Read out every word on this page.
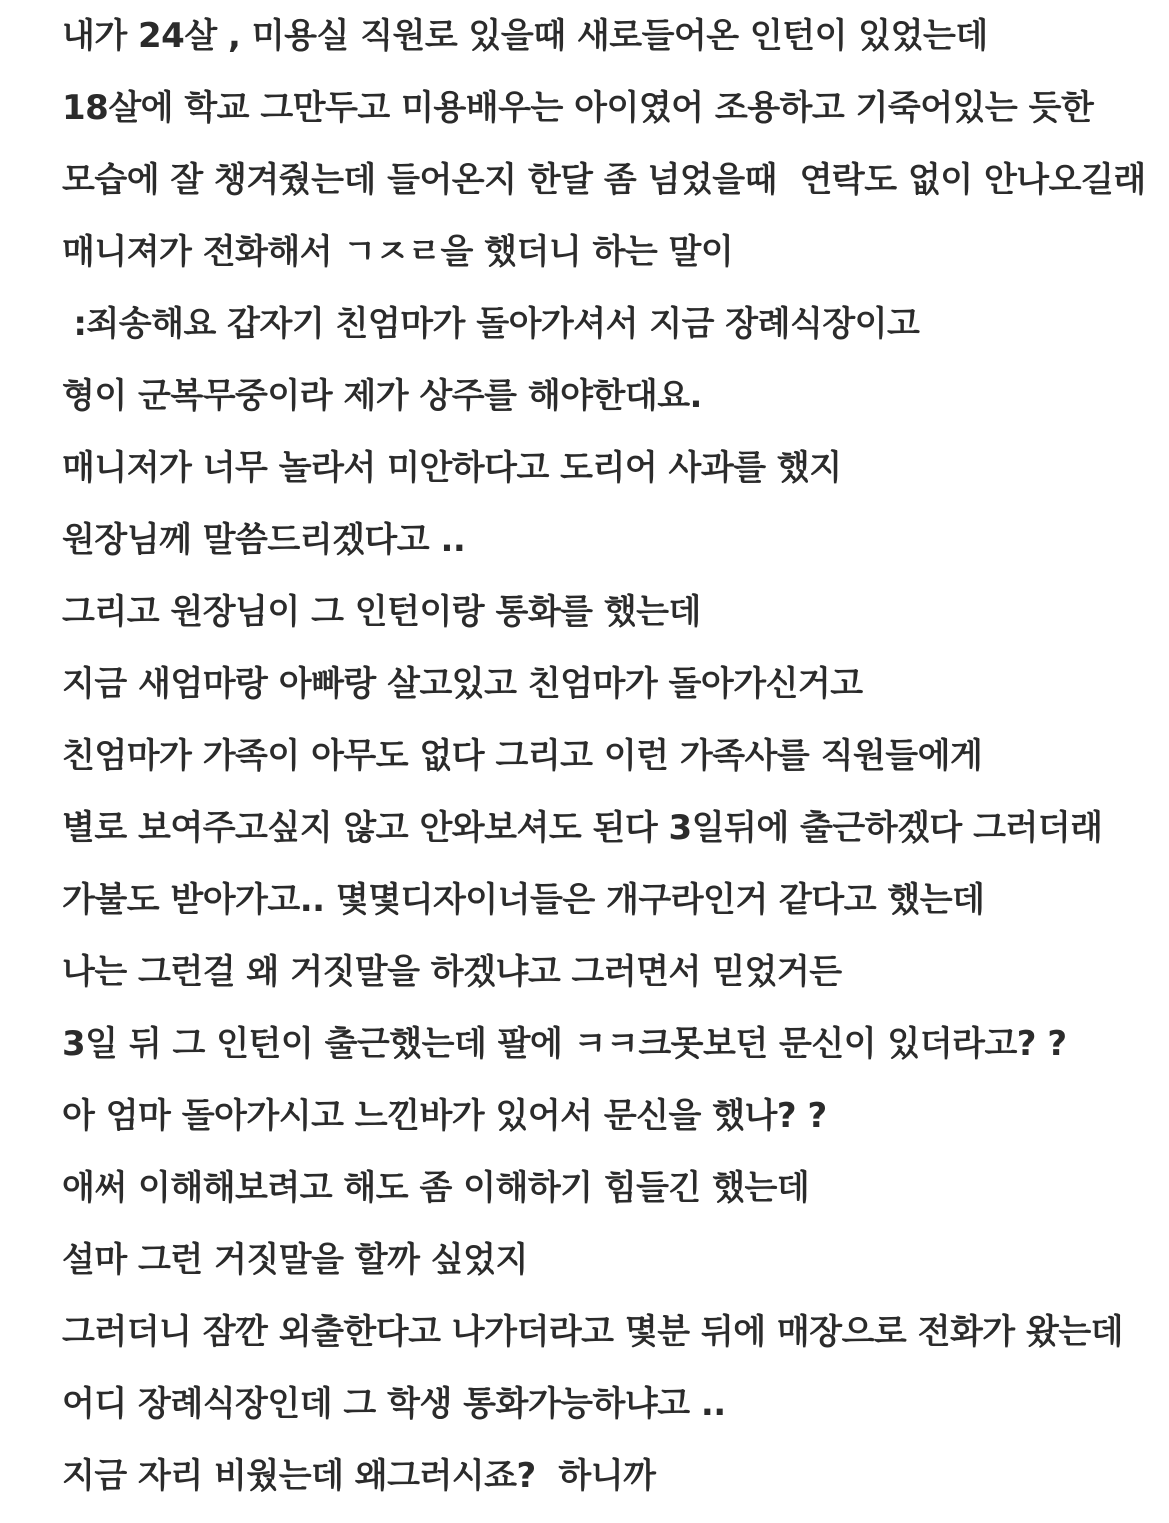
내가 24살 , 미용실 직원로 있을때 새로들어온 인턴이 있었는데
18살에 학교 그만두고 미용배우는 아이였어 조용하고 기죽어있는 듯한
모습에 잘 챙겨줬는데 들어온지 한달 좀 넘었을때  연락도 없이 안나오길래
매니져가 전화해서 ㄱㅈㄹ을 했더니 하는 말이
:죄송해요 갑자기 친엄마가 돌아가셔서 지금 장례식장이고
형이 군복무중이라 제가 상주를 해야한대요.
매니저가 너무 놀라서 미안하다고 도리어 사과를 했지
원장님께 말씀드리겠다고 ..
그리고 원장님이 그 인턴이랑 통화를 했는데
지금 새엄마랑 아빠랑 살고있고 친엄마가 돌아가신거고
친엄마가 가족이 아무도 없다 그리고 이런 가족사를 직원들에게
별로 보여주고싶지 않고 안와보셔도 된다 3일뒤에 출근하겠다 그러더래
가불도 받아가고.. 몇몇디자이너들은 개구라인거 같다고 했는데
나는 그런걸 왜 거짓말을 하겠냐고 그러면서 믿었거든
3일 뒤 그 인턴이 출근했는데 팔에 ㅋㅋ크못보던 문신이 있더라고? ?
아 엄마 돌아가시고 느낀바가 있어서 문신을 했나? ?
애써 이해해보려고 해도 좀 이해하기 힘들긴 했는데
설마 그런 거짓말을 할까 싶었지
그러더니 잠깐 외출한다고 나가더라고 몇분 뒤에 매장으로 전화가 왔는데
어디 장례식장인데 그 학생 통화가능하냐고 ..
지금 자리 비웠는데 왜그러시죠?  하니까
